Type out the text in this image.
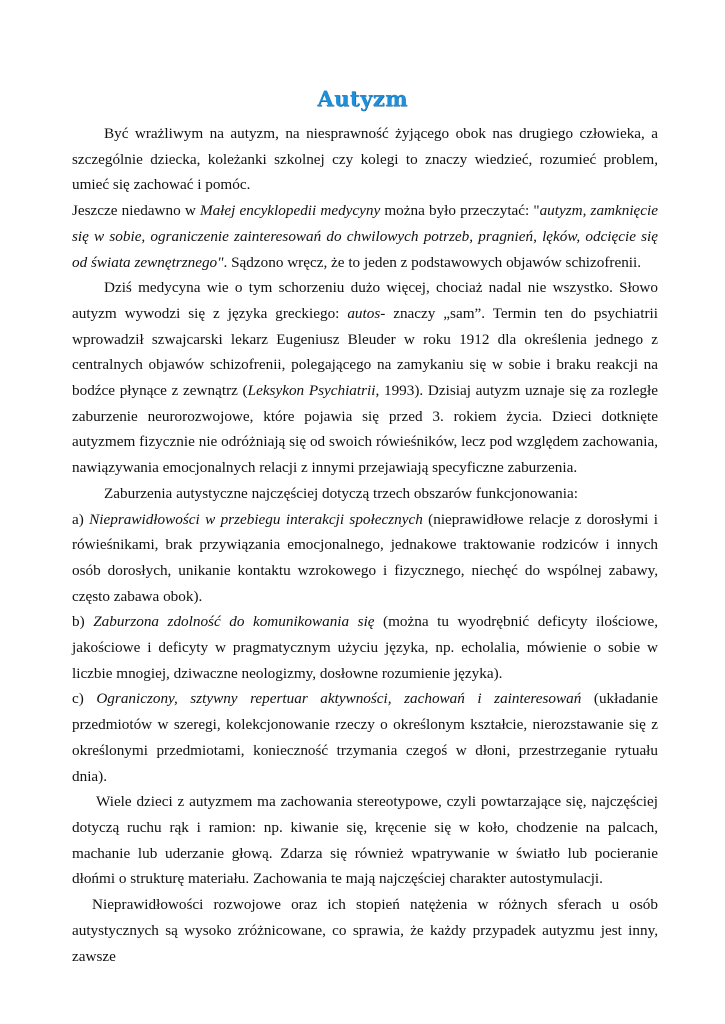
Autyzm

Być wrażliwym na autyzm, na niesprawność żyjącego obok nas drugiego człowieka, a szczególnie dziecka, koleżanki szkolnej czy kolegi to znaczy wiedzieć, rozumieć problem, umieć się zachować i pomóc.

Jeszcze niedawno w Małej encyklopedii medycyny można było przeczytać: "autyzm, zamknięcie się w sobie, ograniczenie zainteresowań do chwilowych potrzeb, pragnień, lęków, odcięcie się od świata zewnętrznego". Sądzono wręcz, że to jeden z podstawowych objawów schizofrenii.

Dziś medycyna wie o tym schorzeniu dużo więcej, chociaż nadal nie wszystko. Słowo autyzm wywodzi się z języka greckiego: autos- znaczy „sam”. Termin ten do psychiatrii wprowadził szwajcarski lekarz Eugeniusz Bleuder w roku 1912 dla określenia jednego z centralnych objawów schizofrenii, polegającego na zamykaniu się w sobie i braku reakcji na bodźce płynące z zewnątrz (Leksykon Psychiatrii, 1993). Dzisiaj autyzm uznaje się za rozległe zaburzenie neurorozwojowe, które pojawia się przed 3. rokiem życia. Dzieci dotknięte autyzmem fizycznie nie odróżniają się od swoich rówieśników, lecz pod względem zachowania, nawiązywania emocjonalnych relacji z innymi przejawiają specyficzne zaburzenia.

Zaburzenia autystyczne najczęściej dotyczą trzech obszarów funkcjonowania:

a) Nieprawidłowości w przebiegu interakcji społecznych (nieprawidłowe relacje z dorosłymi i rówieśnikami, brak przywiązania emocjonalnego, jednakowe traktowanie rodziców i innych osób dorosłych, unikanie kontaktu wzrokowego i fizycznego, niechęć do wspólnej zabawy, często zabawa obok).

b) Zaburzona zdolność do komunikowania się (można tu wyodrębnić deficyty ilościowe, jakościowe i deficyty w pragmatycznym użyciu języka, np. echolalia, mówienie o sobie w liczbie mnogiej, dziwaczne neologizmy, dosłowne rozumienie języka).

c) Ograniczony, sztywny repertuar aktywności, zachowań i zainteresowań (układanie przedmiotów w szeregi, kolekcjonowanie rzeczy o określonym kształcie, nierozstawanie się z określonymi przedmiotami, konieczność trzymania czegoś w dłoni, przestrzeganie rytuału dnia).

Wiele dzieci z autyzmem ma zachowania stereotypowe, czyli powtarzające się, najczęściej dotyczą ruchu rąk i ramion: np. kiwanie się, kręcenie się w koło, chodzenie na palcach, machanie lub uderzanie głową. Zdarza się również wpatrywanie w światło lub pocieranie dłońmi o strukturę materiału. Zachowania te mają najczęściej charakter autostymulacji.

Nieprawidłowości rozwojowe oraz ich stopień natężenia w różnych sferach u osób autystycznych są wysoko zróżnicowane, co sprawia, że każdy przypadek autyzmu jest inny, zawsze
